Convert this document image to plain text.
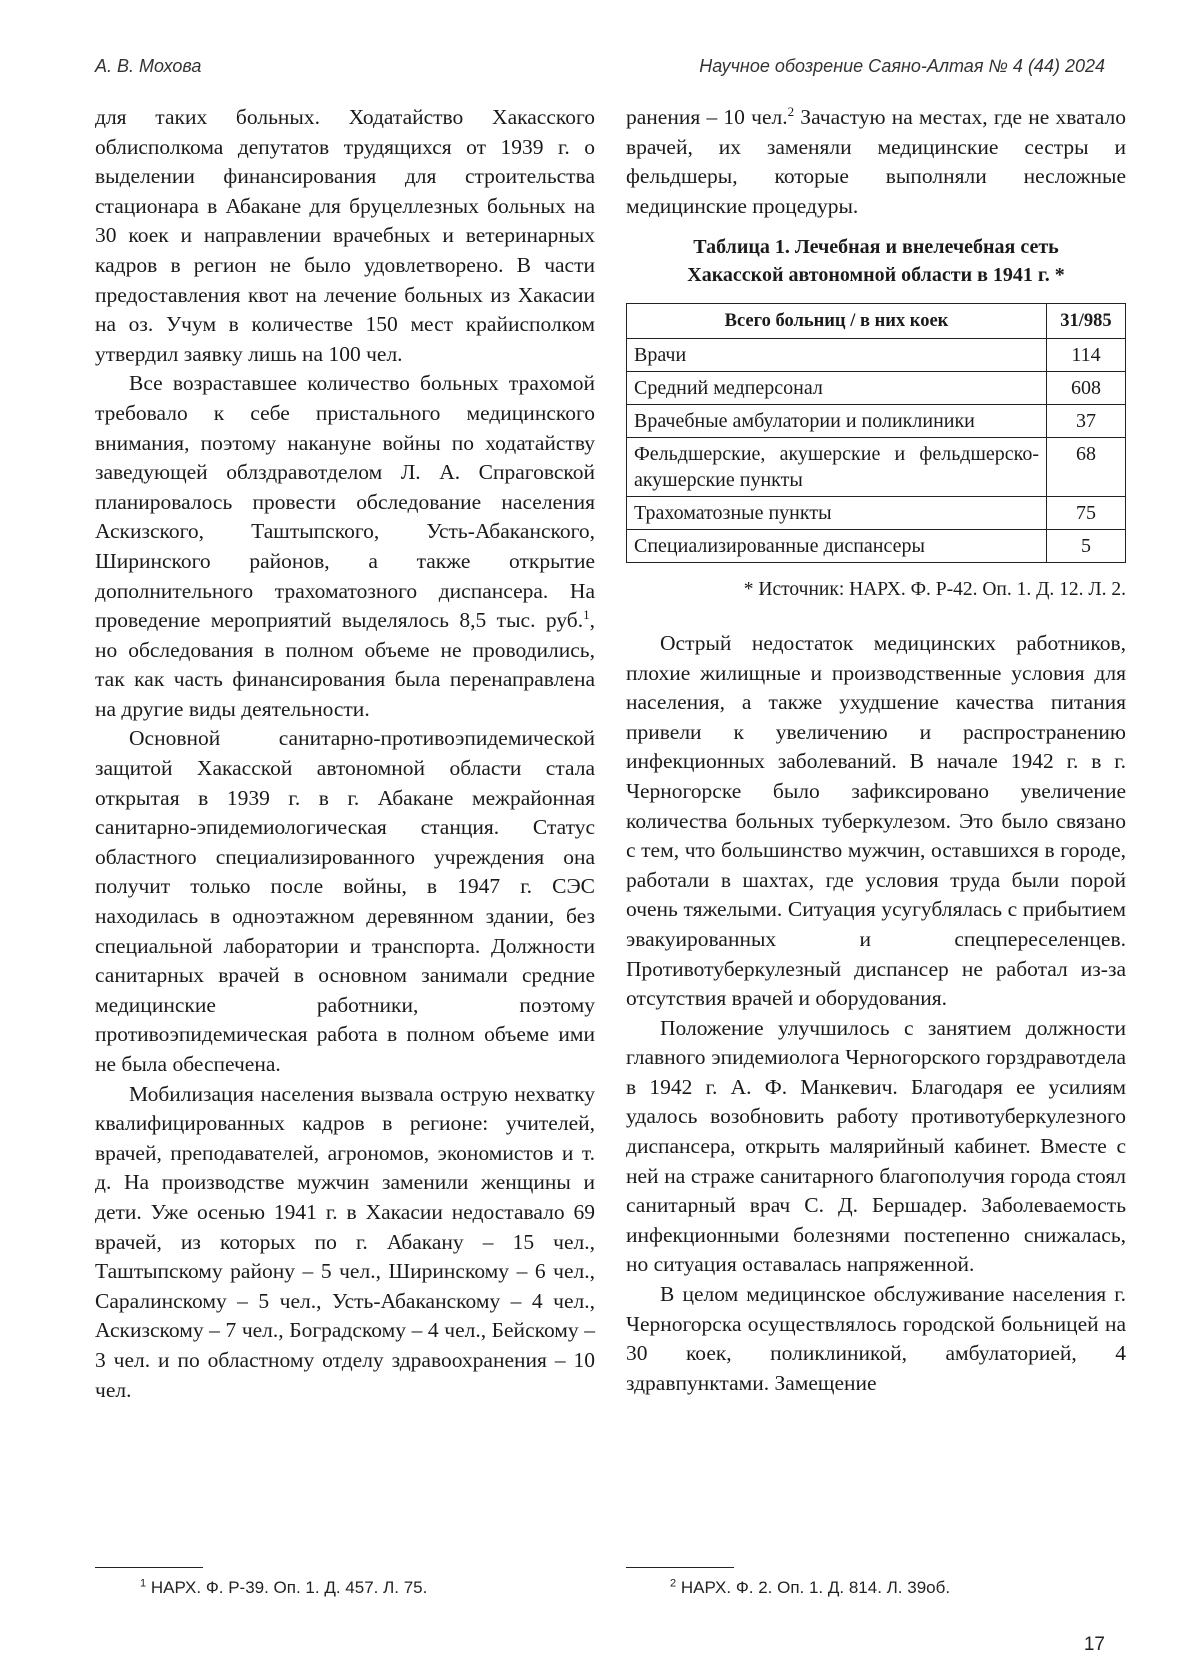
А. В. Мохова	Научное обозрение Саяно-Алтая № 4 (44) 2024

для таких больных. Ходатайство Хакасского облисполкома депутатов трудящихся от 1939 г. о выделении финансирования для строительства стационара в Абакане для бруцеллезных больных на 30 коек и направлении врачебных и ветеринарных кадров в регион не было удовлетворено. В части предоставления квот на лечение больных из Хакасии на оз. Учум в количестве 150 мест крайисполком утвердил заявку лишь на 100 чел.

Все возраставшее количество больных трахомой требовало к себе пристального медицинского внимания, поэтому накануне войны по ходатайству заведующей облздравотделом Л. А. Спраговской планировалось провести обследование населения Аскизского, Таштыпского, Усть-Абаканского, Ширинского районов, а также открытие дополнительного трахоматозного диспансера. На проведение мероприятий выделялось 8,5 тыс. руб.$^1$, но обследования в полном объеме не проводились, так как часть финансирования была перенаправлена на другие виды деятельности.

Основной санитарно-противоэпидемической защитой Хакасской автономной области стала открытая в 1939 г. в г. Абакане межрайонная санитарно-эпидемиологическая станция. Статус областного специализированного учреждения она получит только после войны, в 1947 г. СЭС находилась в одноэтажном деревянном здании, без специальной лаборатории и транспорта. Должности санитарных врачей в основном занимали средние медицинские работники, поэтому противоэпидемическая работа в полном объеме ими не была обеспечена.

Мобилизация населения вызвала острую нехватку квалифицированных кадров в регионе: учителей, врачей, преподавателей, агрономов, экономистов и т. д. На производстве мужчин заменили женщины и дети. Уже осенью 1941 г. в Хакасии недоставало 69 врачей, из которых по г. Абакану – 15 чел., Таштыпскому району – 5 чел., Ширинскому – 6 чел., Саралинскому – 5 чел., Усть-Абаканскому – 4 чел., Аскизскому – 7 чел., Боградскому – 4 чел., Бейскому – 3 чел. и по областному отделу здравоохранения – 10 чел.

ранения – 10 чел.$^2$ Зачастую на местах, где не хватало врачей, их заменяли медицинские сестры и фельдшеры, которые выполняли несложные медицинские процедуры.

Таблица 1. Лечебная и внелечебная сеть
Хакасской автономной области в 1941 г. *
Всего больниц / в них коек	31/985
Врачи	114
Средний медперсонал	608
Врачебные амбулатории и поликлиники	37
Фельдшерские, акушерские и фельдшерско-акушерские пункты	68
Трахоматозные пункты	75
Специализированные диспансеры	5
* Источник: НАРХ. Ф. Р-42. Оп. 1. Д. 12. Л. 2.

Острый недостаток медицинских работников, плохие жилищные и производственные условия для населения, а также ухудшение качества питания привели к увеличению и распространению инфекционных заболеваний. В начале 1942 г. в г. Черногорске было зафиксировано увеличение количества больных туберкулезом. Это было связано с тем, что большинство мужчин, оставшихся в городе, работали в шахтах, где условия труда были порой очень тяжелыми. Ситуация усугублялась с прибытием эвакуированных и спецпереселенцев. Противотуберкулезный диспансер не работал из-за отсутствия врачей и оборудования.

Положение улучшилось с занятием должности главного эпидемиолога Черногорского горздравотдела в 1942 г. А. Ф. Манкевич. Благодаря ее усилиям удалось возобновить работу противотуберкулезного диспансера, открыть малярийный кабинет. Вместе с ней на страже санитарного благополучия города стоял санитарный врач С. Д. Бершадер. Заболеваемость инфекционными болезнями постепенно снижалась, но ситуация оставалась напряженной.

В целом медицинское обслуживание населения г. Черногорска осуществлялось городской больницей на 30 коек, поликлиникой, амбулаторией, 4 здравпунктами. Замещение

$^1$ НАРХ. Ф. Р-39. Оп. 1. Д. 457. Л. 75.	$^2$ НАРХ. Ф. 2. Оп. 1. Д. 814. Л. 39об.
17
